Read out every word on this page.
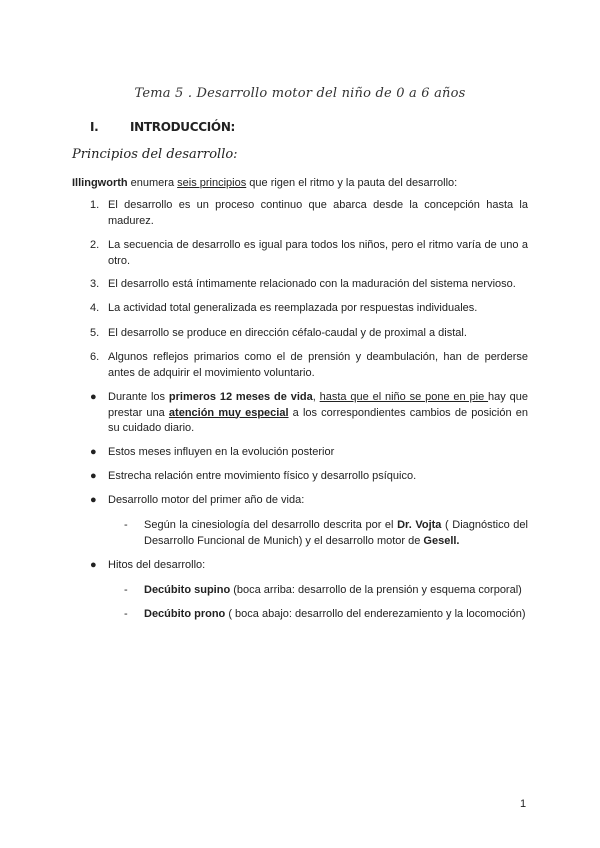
Tema 5 . Desarrollo motor del niño de 0 a 6 años
I.	INTRODUCCIÓN:
Principios del desarrollo:
Illingworth enumera seis principios que rigen el ritmo y la pauta del desarrollo:
1. El desarrollo es un proceso continuo que abarca desde la concepción hasta la madurez.
2. La secuencia de desarrollo es igual para todos los niños, pero el ritmo varía de uno a otro.
3. El desarrollo está íntimamente relacionado con la maduración del sistema nervioso.
4. La actividad total generalizada es reemplazada por respuestas individuales.
5. El desarrollo se produce en dirección céfalo-caudal y de proximal a distal.
6. Algunos reflejos primarios como el de prensión y deambulación, han de perderse antes de adquirir el movimiento voluntario.
●	Durante los primeros 12 meses de vida, hasta que el niño se pone en pie hay que prestar una atención muy especial a los correspondientes cambios de posición en su cuidado diario.
●	Estos meses influyen en la evolución posterior
●	Estrecha relación entre movimiento físico y desarrollo psíquico.
●	Desarrollo motor del primer año de vida:
-	Según la cinesiología del desarrollo descrita por el Dr. Vojta ( Diagnóstico del Desarrollo Funcional de Munich) y el desarrollo motor de Gesell.
●	Hitos del desarrollo:
-	Decúbito supino (boca arriba: desarrollo de la prensión y esquema corporal)
-	Decúbito prono ( boca abajo: desarrollo del enderezamiento y la locomoción)
1
